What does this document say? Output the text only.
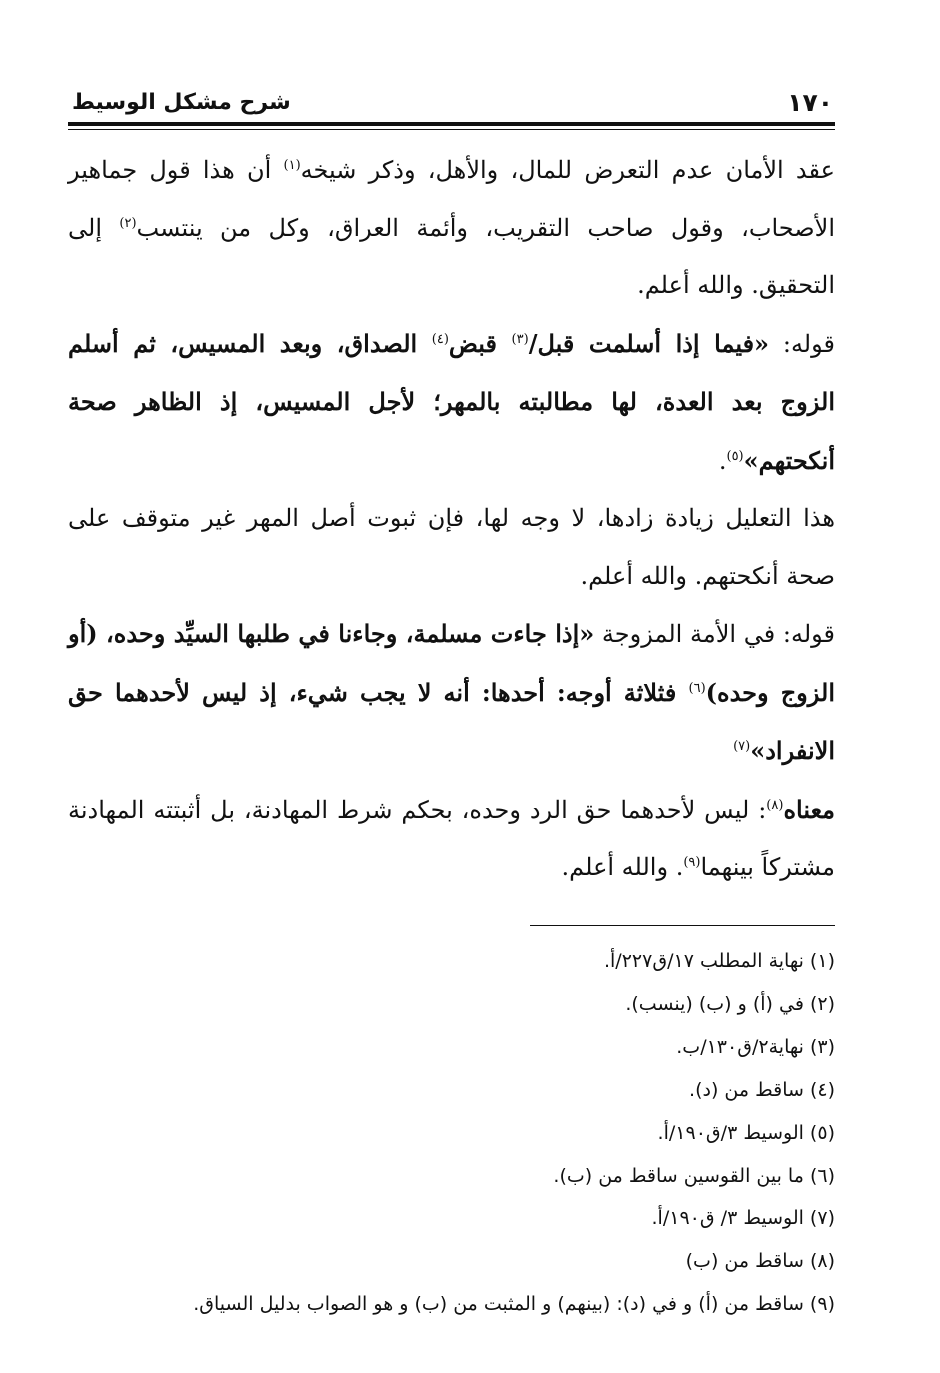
١٧٠
شرح مشكل الوسيط

عقد الأمان عدم التعرض للمال، والأهل، وذكر شيخه$^{(١)}$ أن هذا قول جماهير الأصحاب، وقول صاحب التقريب، وأئمة العراق، وكل من ينتسب$^{(٢)}$ إلى التحقيق. والله أعلم.

قوله: «فيما إذا أسلمت قبل/$^{(٣)}$ قبض$^{(٤)}$ الصداق، وبعد المسيس، ثم أسلم الزوج بعد العدة، لها مطالبته بالمهر؛ لأجل المسيس، إذ الظاهر صحة أنكحتهم»$^{(٥)}$.

هذا التعليل زيادة زادها، لا وجه لها، فإن ثبوت أصل المهر غير متوقف على صحة أنكحتهم. والله أعلم.

قوله: في الأمة المزوجة «إذا جاءت مسلمة، وجاءنا في طلبها السيِّد وحده، (أو الزوج وحده)$^{(٦)}$ فثلاثة أوجه: أحدها: أنه لا يجب شيء، إذ ليس لأحدهما حق الانفراد»$^{(٧)}$

معناه$^{(٨)}$: ليس لأحدهما حق الرد وحده، بحكم شرط المهادنة، بل أثبتته المهادنة مشتركاً بينهما$^{(٩)}$. والله أعلم.

(١) نهاية المطلب ١٧/ق٢٢٧/أ.
(٢) في (أ) و (ب) (ينسب).
(٣) نهاية٢/ق١٣٠/ب.
(٤) ساقط من (د).
(٥) الوسيط ٣/ق١٩٠/أ.
(٦) ما بين القوسين ساقط من (ب).
(٧) الوسيط ٣/ ق١٩٠/أ.
(٨) ساقط من (ب)
(٩) ساقط من (أ) و في (د): (بينهم) و المثبت من (ب) و هو الصواب بدليل السياق.
